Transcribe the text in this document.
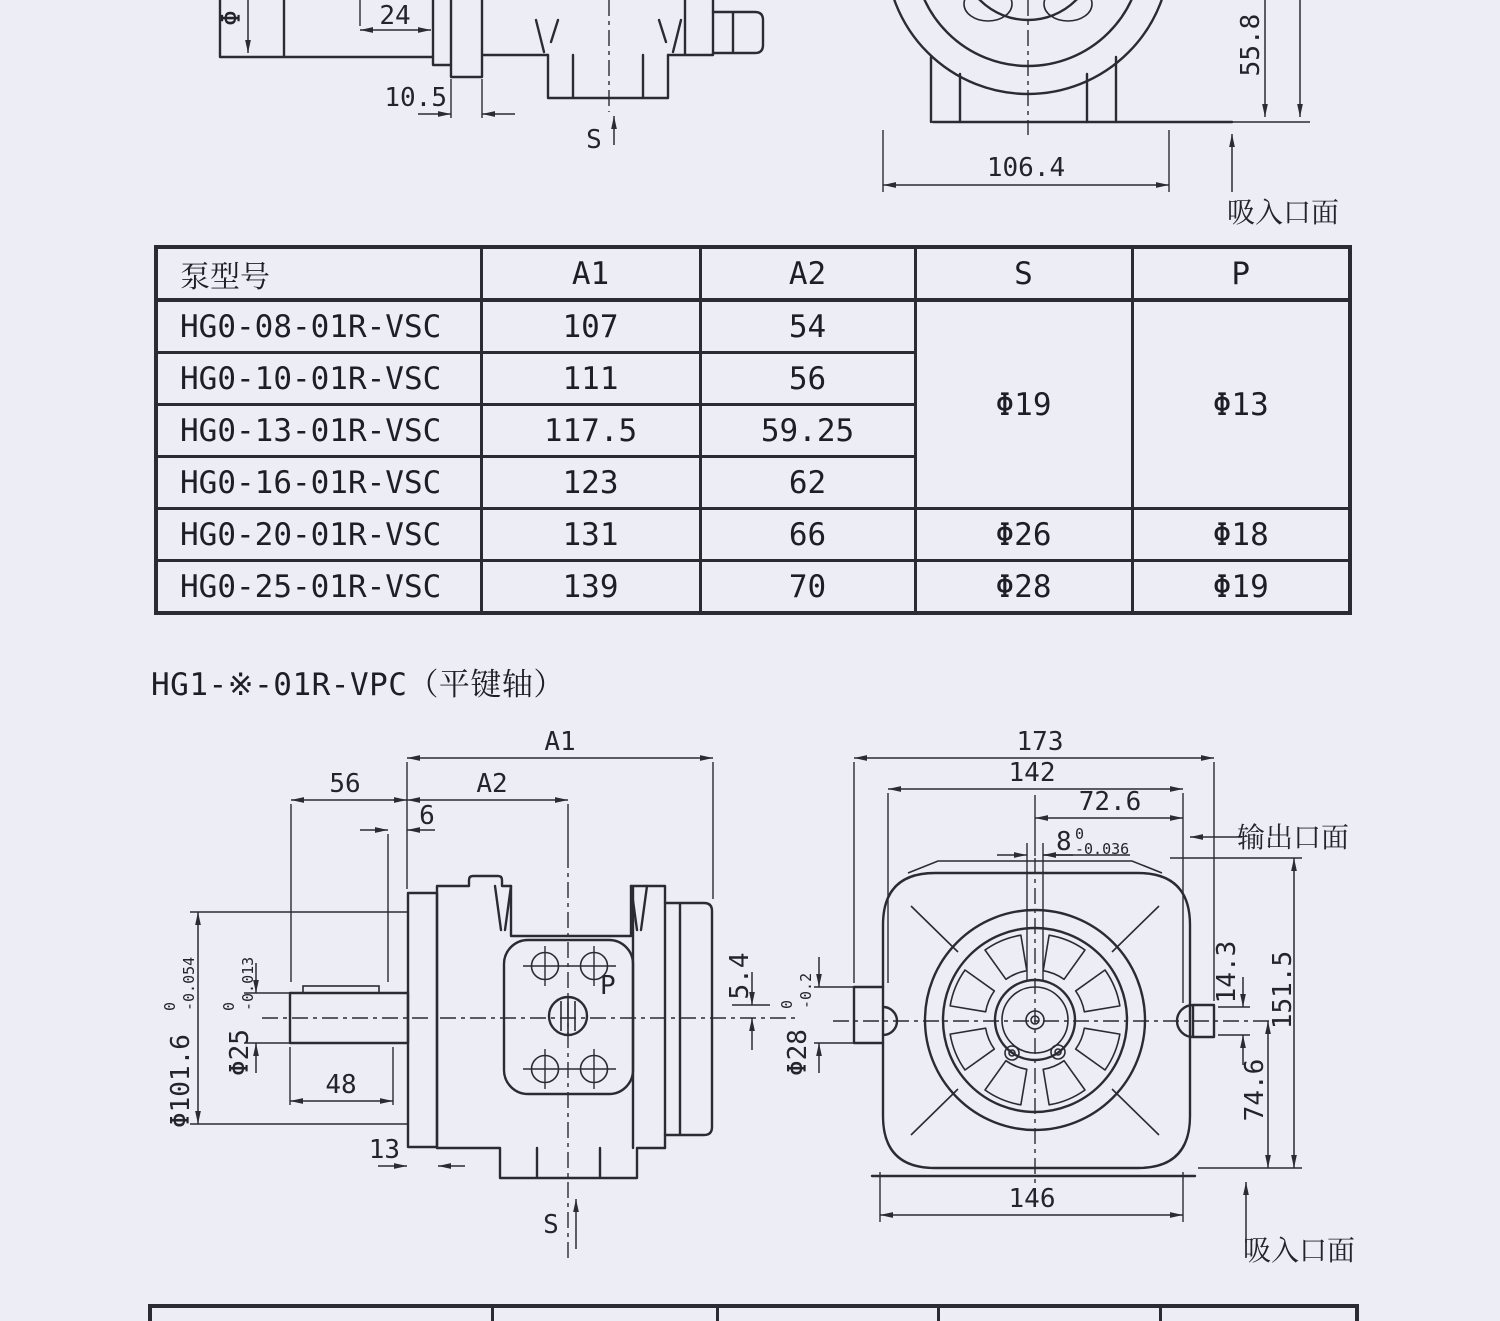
Φ	24
10.5
S
55.8
106.4
吸入口面
泵型号	A1	A2	S	P
HG0-08-01R-VSC	107	54	Φ19	Φ13
HG0-10-01R-VSC	111	56		
HG0-13-01R-VSC	117.5	59.25		
HG0-16-01R-VSC	123	62		
HG0-20-01R-VSC	131	66	Φ26	Φ18
HG0-25-01R-VSC	139	70	Φ28	Φ19
HG1-※-01R-VPC（平键轴）
A1
56	A2
6
Φ101.6
0 -0.054
Φ25
0 -0.013
48
13
5.4
P
S
173
142
72.6
8 0
-0.036	输出口面
Φ28
0 -0.2	14.3 151.5
74.6
146
吸入口面
